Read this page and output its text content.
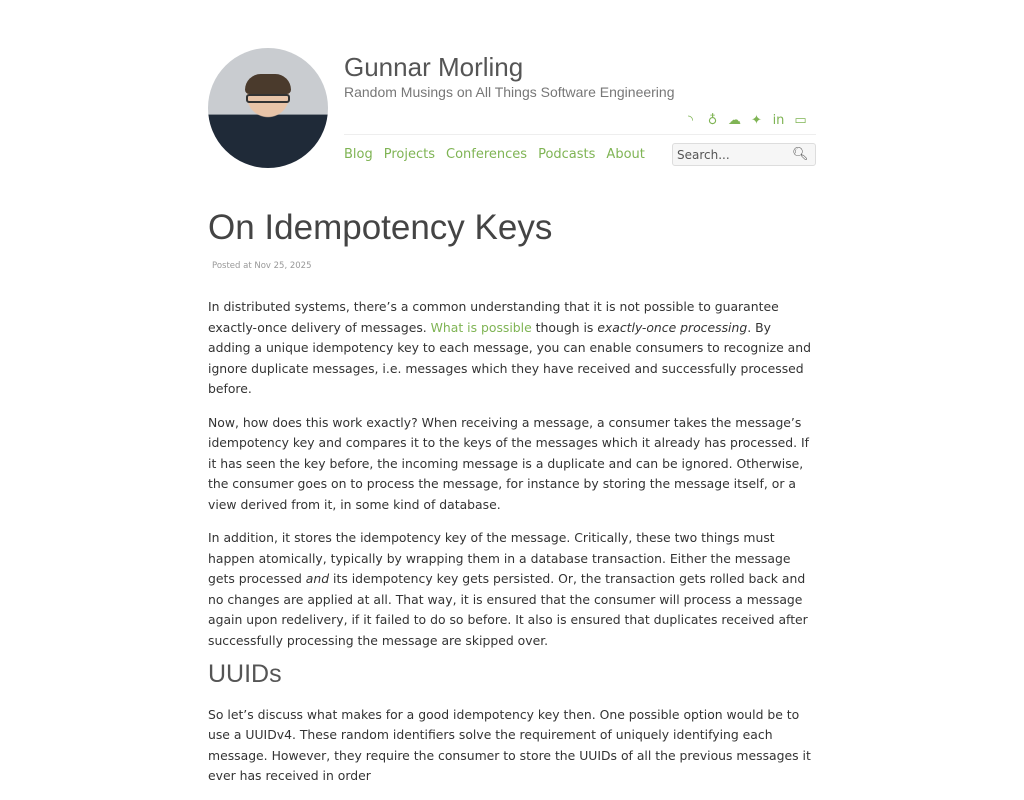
Gunnar Morling
Random Musings on All Things Software Engineering
◝	♁ ☁ ✦ in ▭
Blog Projects Conferences Podcasts About
Search...	🔍︎
On Idempotency Keys
Posted at Nov 25, 2025

In distributed systems, there’s a common understanding that it is not possible to guarantee exactly-once delivery of messages. What is possible though is exactly-once processing. By adding a unique idempotency key to each message, you can enable consumers to recognize and ignore duplicate messages, i.e. messages which they have received and successfully processed before.

Now, how does this work exactly? When receiving a message, a consumer takes the message’s idempotency key and compares it to the keys of the messages which it already has processed. If it has seen the key before, the incoming message is a duplicate and can be ignored. Otherwise, the consumer goes on to process the message, for instance by storing the message itself, or a view derived from it, in some kind of database.

In addition, it stores the idempotency key of the message. Critically, these two things must happen atomically, typically by wrapping them in a database transaction. Either the message gets processed and its idempotency key gets persisted. Or, the transaction gets rolled back and no changes are applied at all. That way, it is ensured that the consumer will process a message again upon redelivery, if it failed to do so before. It also is ensured that duplicates received after successfully processing the message are skipped over.

UUIDs

So let’s discuss what makes for a good idempotency key then. One possible option would be to use a UUIDv4. These random identifiers solve the requirement of uniquely identifying each message. However, they require the consumer to store the UUIDs of all the previous messages it ever has received in order
